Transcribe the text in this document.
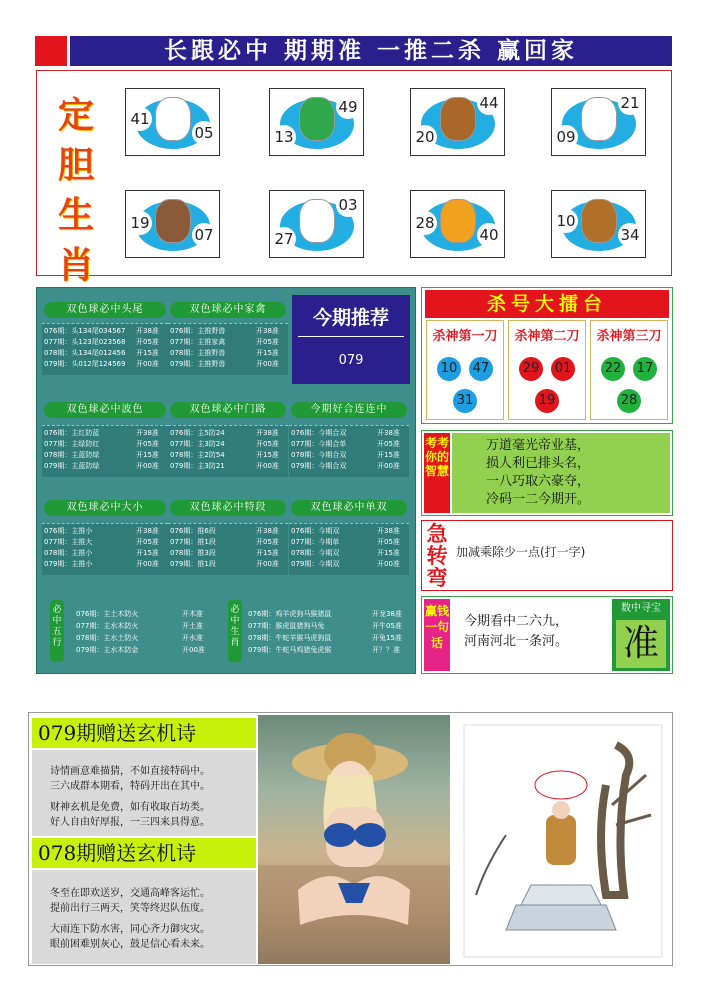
长跟必中 期期准 一推二杀 赢回家
定
胆
生
肖
41
05	13
49
20
44
09
21
19
07	27
03
28
40
10
34
今期推荐
079
双色球必中头尾
076期：头134尾034567 开38准
077期：头123尾023568 开05准
078期：头134尾012456 开15准
079期：头012尾124569 开00准
双色球必中家禽
076期：主推野兽	开38准
077期：主推家禽	开05准
078期：主推野兽	开15准
079期：主推野兽	开00准
双色球必中波色
076期：主红防蓝	开38准
077期：主绿防红	开05准
078期：主蓝防绿	开15准
079期：主蓝防绿	开00准
双色球必中门路
076期：主5防24	开38准
077期：主3防24	开05准
078期：主2防54	开15准
079期：主3防21	开00准
今期好合连连中
076期：今期合双	开38准
077期：今期合单	开05准
078期：今期合双	开15准
079期：今期合双	开00准
双色球必中大小
076期：主推小	开38准
077期：主推大	开05准
078期：主推小	开15准
079期：主推小	开00准
双色球必中特段
076期：推6段	开38准
077期：推1段	开05准
078期：推3段	开15准
079期：推1段	开00准
双色球必中单双
076期：今期双	开38准
077期：今期单	开05准
078期：今期双	开15准
079期：今期双	开00准
必中五行
076期：主土木防火	开木准
077期：主水木防火	开土准
078期：主水土防火	开水准
079期：主水木防金	开00准
必中生肖
076期：鸡羊虎狗马猴猪鼠	开龙38准
077期：猴虎鼠猪狗马兔	开牛05准
078期：牛蛇羊猴马虎狗鼠	开兔15准
079期：牛蛇马鸡猪兔虎猴	开？？准
杀号大擂台
杀神第一刀
10 47
31
杀神第二刀
29 01
19
杀神第三刀
22 17
28
考考你的智慧
万道毫光帝业基，
损人利已排头名，
一八巧取六豪夺，
冷码一二今期开。
急转弯
加减乘除少一点(打一字)
赢钱一句话
今期看中二六九，
河南河北一条河。
数中寻宝
准
079期赠送玄机诗
078期赠送玄机诗
诗情画意难描猜，不如直接特码中。
三六成群本期看，特码开出在其中。
财神玄机是免费，如有收取百坊类。
好人自由好厚报，一三四来具得意。
冬至在即欢送岁，交通高峰客运忙。
提前出行三两天，笑等终迟队伍度。
大雨连下防水害，同心齐力御灾灾。
眼前困难别灰心，鼓足信心看未来。
